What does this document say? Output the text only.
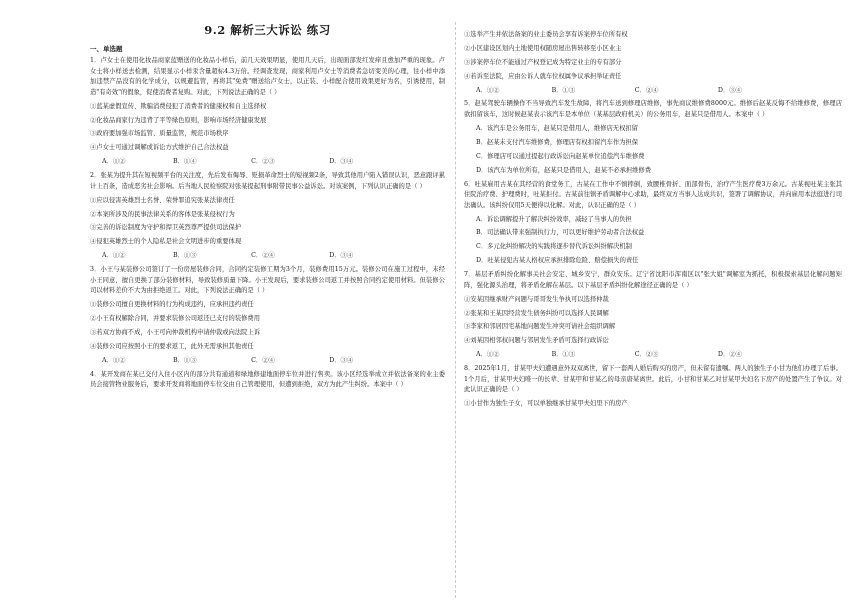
9.2 解析三大诉讼 练习
一、单选题
1．卢女士在使用化妆品商家蓝赠送的化妆品小样后，前几天效果明显，使用几天后，出现面部发红发痒且愈加严重的现象。卢女士将小样送去检测，结果显示小样汞含量超标4.3万倍。经调查发现，商家利用卢女士等消费者急切变美的心理，往小样中添加违禁产品没有的化学成分，以规避监管，再将其"免费"赠送给卢女士，以正装、小样配合使用效果更好为名，引诱使用，制造"有奇效"的假象，促使消费者复购。对此，下列说法正确的是（ ）
①蓝某虚假宣传、欺骗消费侵犯了消费者的健康权和自主选择权
②化妆品商家行为违背了平等绿色原则，影响市场经济健康发展
③政府要加强市场监管、质量监管，规范市场秩序
④卢女士可通过调解或诉讼方式维护自己合法权益
A．①②	B．①④	C．②③	D．③④
2．张某为提升其在短视频平台的关注度，先后发布侮辱、贬损革命烈士的短视频2条，导致其他用户陷入错误认识，恶意跟评累计上百条，造成恶劣社会影响。后当地人民检察院对张某提起刑事附带民事公益诉讼。对该案例，下列认识正确的是（ ）
①应以侵害英雄烈士名誉、荣誉罪追究张某法律责任
②本案所涉及的民事法律关系的客体是张某侵权行为
③完善的诉讼制度为守护和捍卫英烈尊严提供司法保护
④侵犯英雄烈士的个人隐私是社会文明进步的重要体现
A．①②	B．①③	C．②④	D．③④
3．小王与某装修公司签订了一份房屋装修合同，合同约定装修工期为3个月，装修费用15万元。装修公司在施工过程中，未经小王同意，擅自更换了部分装修材料，导致装修质量下降。小王发现后，要求装修公司返工并按照合同约定使用材料。但装修公司以材料差价不大为由拒绝返工。对此，下列说法正确的是（ ）
①装修公司擅自更换材料的行为构成违约，应承担违约责任
②小王有权解除合同，并要求装修公司返还已支付的装修费用
③若双方协商不成，小王可向仲裁机构申请仲裁或向法院上诉
④装修公司应按照小王的要求返工，此外无需承担其他责任
A．①②	B．①③	C．②④	D．③④
4．某开发商在某已交付入住小区内的部分共有通道和绿地修建地面停车位并进行售卖。该小区经选举成立并依法备案的业主委员会接管物业服务后，要求开发商将地面停车位交由自己管理使用，但遭到拒绝，双方为此产生纠纷。本案中（ ）
①选举产生并依法备案的业主委员会享有诉案停车位所有权
②小区建设区划内土地使用权随房屋出售转移至小区业主
③涉案停车位不能通过产权登记成为特定业主的专有部分
④若诉至法院，应由公诉人就车位权属争议承担举证责任
A．①②	B．①③	C．②④	D．③④
5．赵某驾驶车辆操作不当导致汽车发生故障，将汽车送到修理店维修，事先商议维修费8000元。维修后赵某反悔不给维修费，修理店欲扣留该车，这时候赵某表示该汽车是本单位（某基层政府机关）的公务用车，赵某只是借用人。本案中（ ）
A．该汽车是公务用车，赵某只是借用人，维修店无权扣留
B．赵某未支付汽车维修费，修理店有权扣留汽车作为担保
C．修理店可以通过提起行政诉讼向赵某单位追偿汽车维修费
D．该汽车为单位所有，赵某只是借用人，赵某不必承担维修费
6．吐某雇用古某在其经营的食堂务工，古某在工作中不慎摔倒，致腰椎骨折、面部骨伤，治疗产生医疗费3万余元。古某视吐某主张其住院治疗费、护理费时，吐某拒付。古某前往镇矛盾调解中心求助，最终双方当事人达成共识，签署了调解协议，并向雇用本法庭进行司法确认。该纠纷仅用5天便得以化解。对此，认识正确的是（ ）
A．诉讼调解提升了解决纠纷效率，减轻了当事人的负担
B．司法确认带来强制执行力，可以更好维护劳动者合法权益
C．多元化纠纷解决的实践将逐步替代诉讼纠纷解决机制
D．吐某侵犯古某人格权应承担排除危险、赔偿损失的责任
7．基层矛盾纠纷化解事关社会安定、城乡安宁，群众安乐。辽宁省沈阳市浑南区以"张大姐"调解室为抓托，积极探索基层化解问题矩阵，强化源头治理，将矛盾化解在基层。以下基层矛盾纠纷化解途径正确的是（ ）
①安某因继承财产问题与哥哥发生争执可以选择仲裁
②张某和王某因经营发生债务纠纷可以选择人民调解
③李家和邻居因宅基地问题发生冲突可请社会组织调解
④刘某因相邻权问题与邻居发生矛盾可选择行政诉讼
A．①②	B．①③	C．②③	D．②④
8．2025年1月，甘某甲夫妇遭遇意外双双离世，留下一套两人婚后购买的房产，但未留有遗嘱。两人的独生子小甘为他们办理了后事。1个月后，甘某甲夫妇唯一的长辈、甘某甲和甘某乙的母亲唐某离世。此后，小甘和甘某乙对甘某甲夫妇名下房产的处置产生了争议。对此认识正确的是（ ）
①小甘作为独生子女，可以单独继承甘某甲夫妇里下的房产
